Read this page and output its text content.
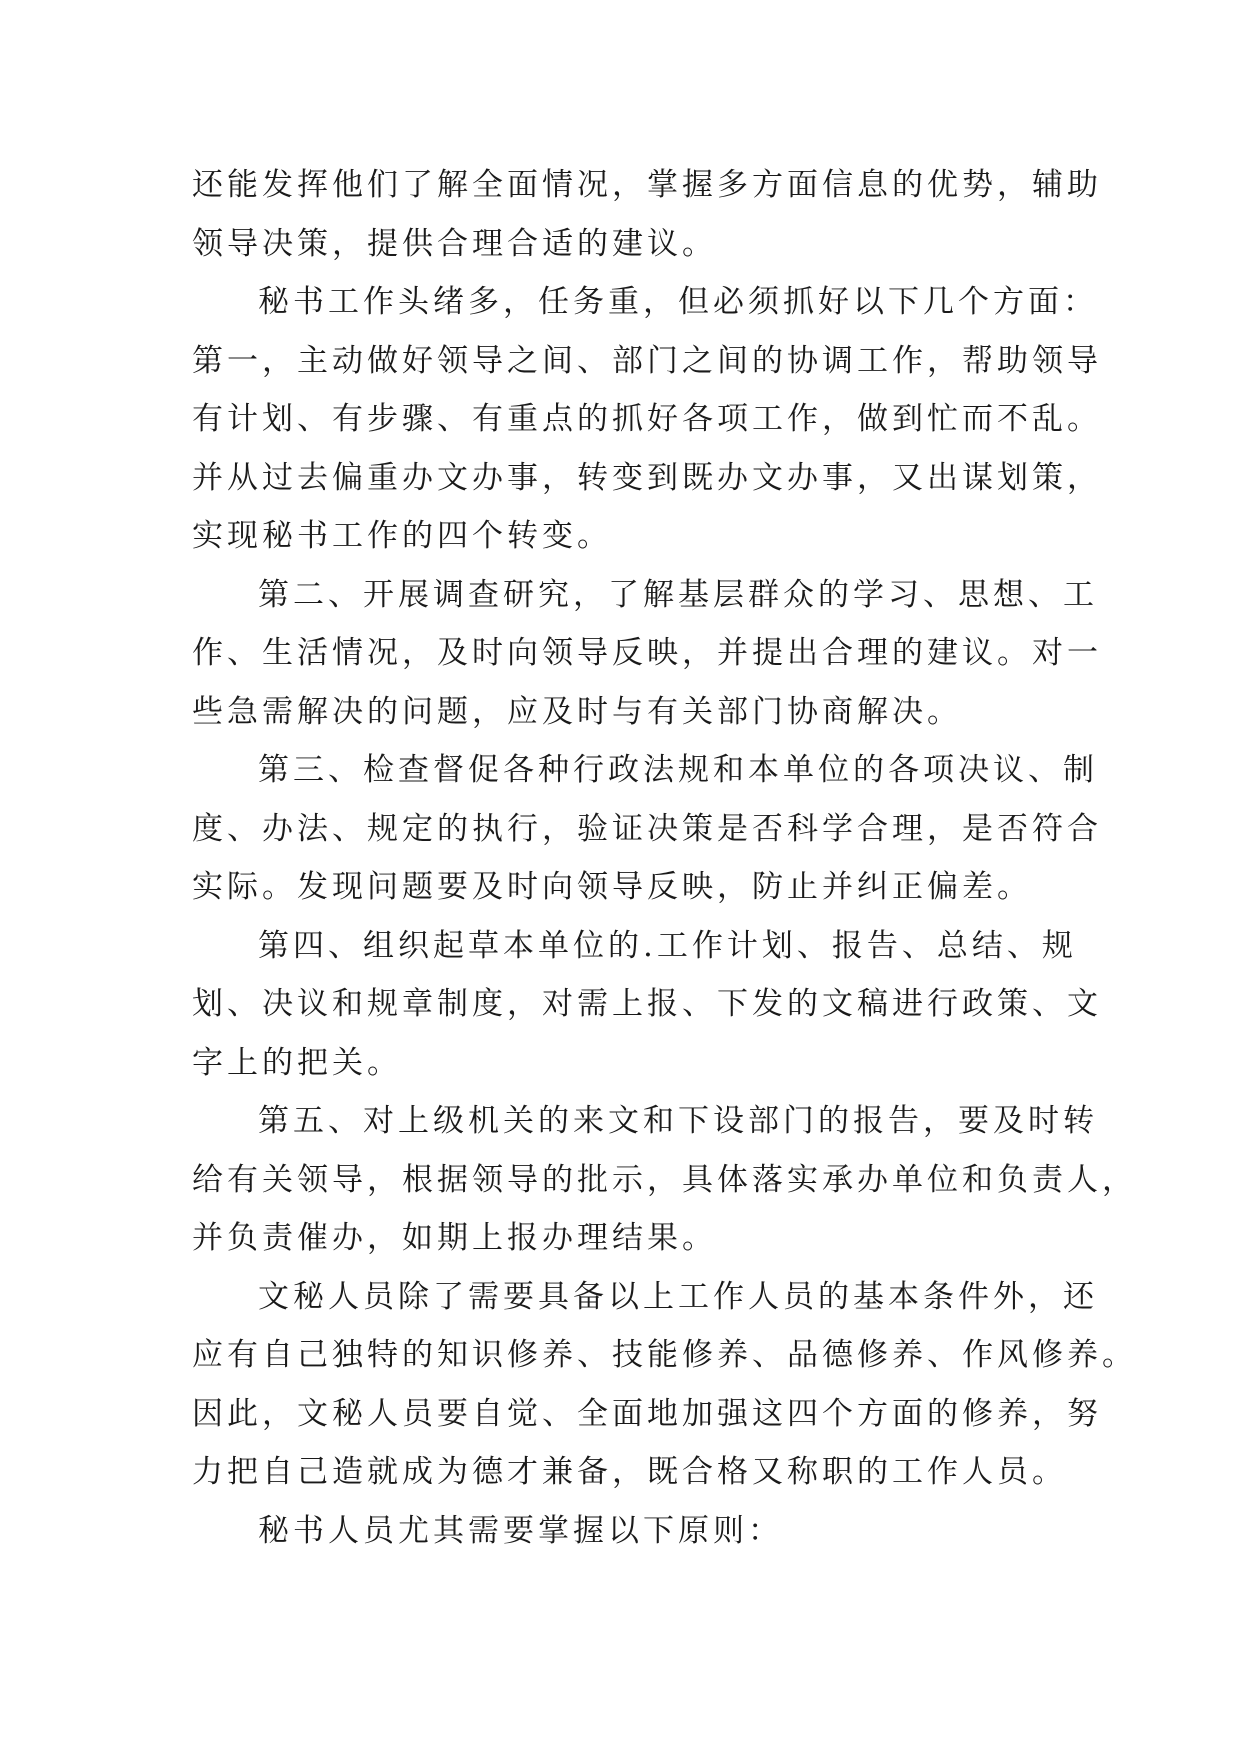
还能发挥他们了解全面情况，掌握多方面信息的优势，辅助
领导决策，提供合理合适的建议。
秘书工作头绪多，任务重，但必须抓好以下几个方面：
第一，主动做好领导之间、部门之间的协调工作，帮助领导
有计划、有步骤、有重点的抓好各项工作，做到忙而不乱。
并从过去偏重办文办事，转变到既办文办事，又出谋划策，
实现秘书工作的四个转变。
第二、开展调查研究，了解基层群众的学习、思想、工
作、生活情况，及时向领导反映，并提出合理的建议。对一
些急需解决的问题，应及时与有关部门协商解决。
第三、检查督促各种行政法规和本单位的各项决议、制
度、办法、规定的执行，验证决策是否科学合理，是否符合
实际。发现问题要及时向领导反映，防止并纠正偏差。
第四、组织起草本单位的.工作计划、报告、总结、规
划、决议和规章制度，对需上报、下发的文稿进行政策、文
字上的把关。
第五、对上级机关的来文和下设部门的报告，要及时转
给有关领导，根据领导的批示，具体落实承办单位和负责人，
并负责催办，如期上报办理结果。
文秘人员除了需要具备以上工作人员的基本条件外，还
应有自己独特的知识修养、技能修养、品德修养、作风修养。
因此，文秘人员要自觉、全面地加强这四个方面的修养，努
力把自己造就成为德才兼备，既合格又称职的工作人员。
秘书人员尤其需要掌握以下原则：
